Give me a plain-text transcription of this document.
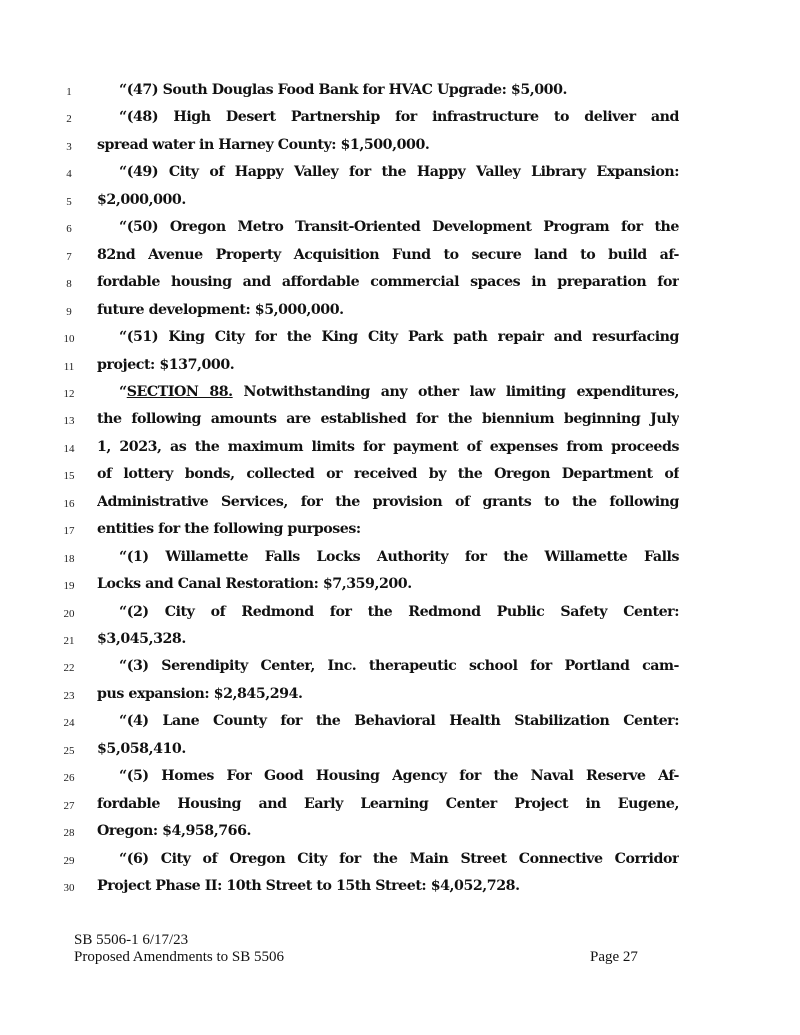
1	“(47) South Douglas Food Bank for HVAC Upgrade: $5,000.
2	“(48) High Desert Partnership for infrastructure to deliver and
3	spread water in Harney County: $1,500,000.
4	“(49) City of Happy Valley for the Happy Valley Library Expansion:
5	$2,000,000.
6	“(50) Oregon Metro Transit-Oriented Development Program for the
7	82nd Avenue Property Acquisition Fund to secure land to build af-
8	fordable housing and affordable commercial spaces in preparation for
9	future development: $5,000,000.
10	“(51) King City for the King City Park path repair and resurfacing
11	project: $137,000.
12	“SECTION 88. Notwithstanding any other law limiting expenditures,
13	the following amounts are established for the biennium beginning July
14	1, 2023, as the maximum limits for payment of expenses from proceeds
15	of lottery bonds, collected or received by the Oregon Department of
16	Administrative Services, for the provision of grants to the following
17	entities for the following purposes:
18	“(1) Willamette Falls Locks Authority for the Willamette Falls
19	Locks and Canal Restoration: $7,359,200.
20	“(2) City of Redmond for the Redmond Public Safety Center:
21	$3,045,328.
22	“(3) Serendipity Center, Inc. therapeutic school for Portland cam-
23	pus expansion: $2,845,294.
24	“(4) Lane County for the Behavioral Health Stabilization Center:
25	$5,058,410.
26	“(5) Homes For Good Housing Agency for the Naval Reserve Af-
27	fordable Housing and Early Learning Center Project in Eugene,
28	Oregon: $4,958,766.
29	“(6) City of Oregon City for the Main Street Connective Corridor
30	Project Phase II: 10th Street to 15th Street: $4,052,728.
SB 5506-1 6/17/23
Proposed Amendments to SB 5506	Page 27
